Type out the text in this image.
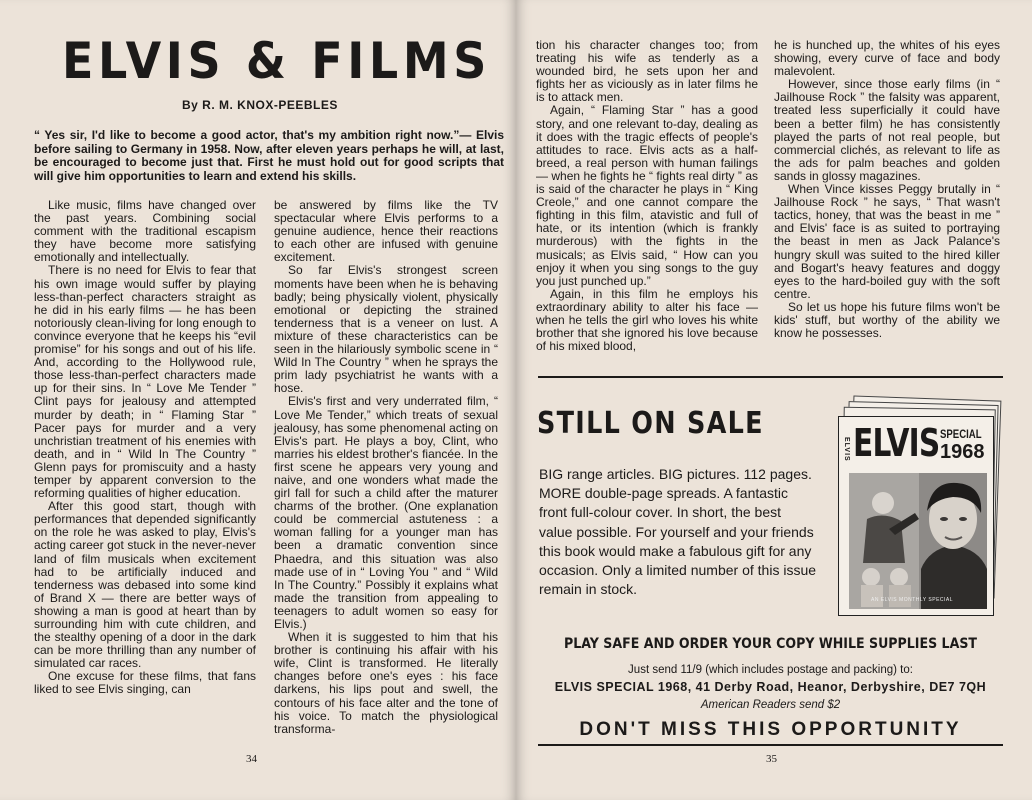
ELVIS & FILMS
By R. M. KNOX-PEEBLES
“ Yes sir, I'd like to become a good actor, that's my ambition right now.”— Elvis before sailing to Germany in 1958. Now, after eleven years perhaps he will, at last, be encouraged to become just that. First he must hold out for good scripts that will give him opportunities to learn and extend his skills.

Like music, films have changed over the past years. Combining social comment with the traditional escapism they have become more satisfying emotionally and intellectually.

There is no need for Elvis to fear that his own image would suffer by playing less-than-perfect characters straight as he did in his early films — he has been notoriously clean-living for long enough to convince everyone that he keeps his “evil promise” for his songs and out of his life. And, according to the Hollywood rule, those less-than-perfect characters made up for their sins. In “ Love Me Tender ” Clint pays for jealousy and attempted murder by death; in “ Flaming Star ” Pacer pays for murder and a very unchristian treatment of his enemies with death, and in “ Wild In The Country ” Glenn pays for promiscuity and a hasty temper by apparent conversion to the reforming qualities of higher education.

After this good start, though with performances that depended significantly on the role he was asked to play, Elvis's acting career got stuck in the never-never land of film musicals when excitement had to be artificially induced and tenderness was debased into some kind of Brand X — there are better ways of showing a man is good at heart than by surrounding him with cute children, and the stealthy opening of a door in the dark can be more thrilling than any number of simulated car races.

One excuse for these films, that fans liked to see Elvis singing, can

be answered by films like the TV spectacular where Elvis performs to a genuine audience, hence their reactions to each other are infused with genuine excitement.

So far Elvis's strongest screen moments have been when he is behaving badly; being physically violent, physically emotional or depicting the strained tenderness that is a veneer on lust. A mixture of these characteristics can be seen in the hilariously symbolic scene in “ Wild In The Country ” when he sprays the prim lady psychiatrist he wants with a hose.

Elvis's first and very underrated film, “ Love Me Tender,” which treats of sexual jealousy, has some phenomenal acting on Elvis's part. He plays a boy, Clint, who marries his eldest brother's fiancée. In the first scene he appears very young and naive, and one wonders what made the girl fall for such a child after the maturer charms of the brother. (One explanation could be commercial astuteness : a woman falling for a younger man has been a dramatic convention since Phaedra, and this situation was also made use of in “ Loving You ” and “ Wild In The Country.” Possibly it explains what made the transition from appealing to teenagers to adult women so easy for Elvis.)

When it is suggested to him that his brother is continuing his affair with his wife, Clint is transformed. He literally changes before one's eyes : his face darkens, his lips pout and swell, the contours of his face alter and the tone of his voice. To match the physiological transforma-

34

tion his character changes too; from treating his wife as tenderly as a wounded bird, he sets upon her and fights her as viciously as in later films he is to attack men.

Again, “ Flaming Star ” has a good story, and one relevant to-day, dealing as it does with the tragic effects of people's attitudes to race. Elvis acts as a half-breed, a real person with human failings — when he fights he “ fights real dirty ” as is said of the character he plays in “ King Creole,” and one cannot compare the fighting in this film, atavistic and full of hate, or its intention (which is frankly murderous) with the fights in the musicals; as Elvis said, “ How can you enjoy it when you sing songs to the guy you just punched up.”

Again, in this film he employs his extraordinary ability to alter his face —when he tells the girl who loves his white brother that she ignored his love because of his mixed blood,

he is hunched up, the whites of his eyes showing, every curve of face and body malevolent.

However, since those early films (in “ Jailhouse Rock ” the falsity was apparent, treated less superficially it could have been a better film) he has consistently played the parts of not real people, but commercial clichés, as relevant to life as the ads for palm beaches and golden sands in glossy magazines.

When Vince kisses Peggy brutally in “ Jailhouse Rock ” he says, “ That wasn't tactics, honey, that was the beast in me ” and Elvis' face is as suited to portraying the beast in men as Jack Palance's hungry skull was suited to the hired killer and Bogart's heavy features and doggy eyes to the hard-boiled guy with the soft centre.

So let us hope his future films won't be kids' stuff, but worthy of the ability we know he possesses.

STILL ON SALE
BIG range articles. BIG pictures. 112 pages. MORE double-page spreads. A fantastic front full-colour cover. In short, the best value possible. For yourself and your friends this book would make a fabulous gift for any occasion. Only a limited number of this issue remain in stock.
ELVIS ELVIS SPECIAL
1968
AN ELVIS MONTHLY SPECIAL
PLAY SAFE AND ORDER YOUR COPY WHILE SUPPLIES LAST
Just send 11/9 (which includes postage and packing) to:
ELVIS SPECIAL 1968, 41 Derby Road, Heanor, Derbyshire, DE7 7QH
American Readers send $2
DON'T MISS THIS OPPORTUNITY
35
